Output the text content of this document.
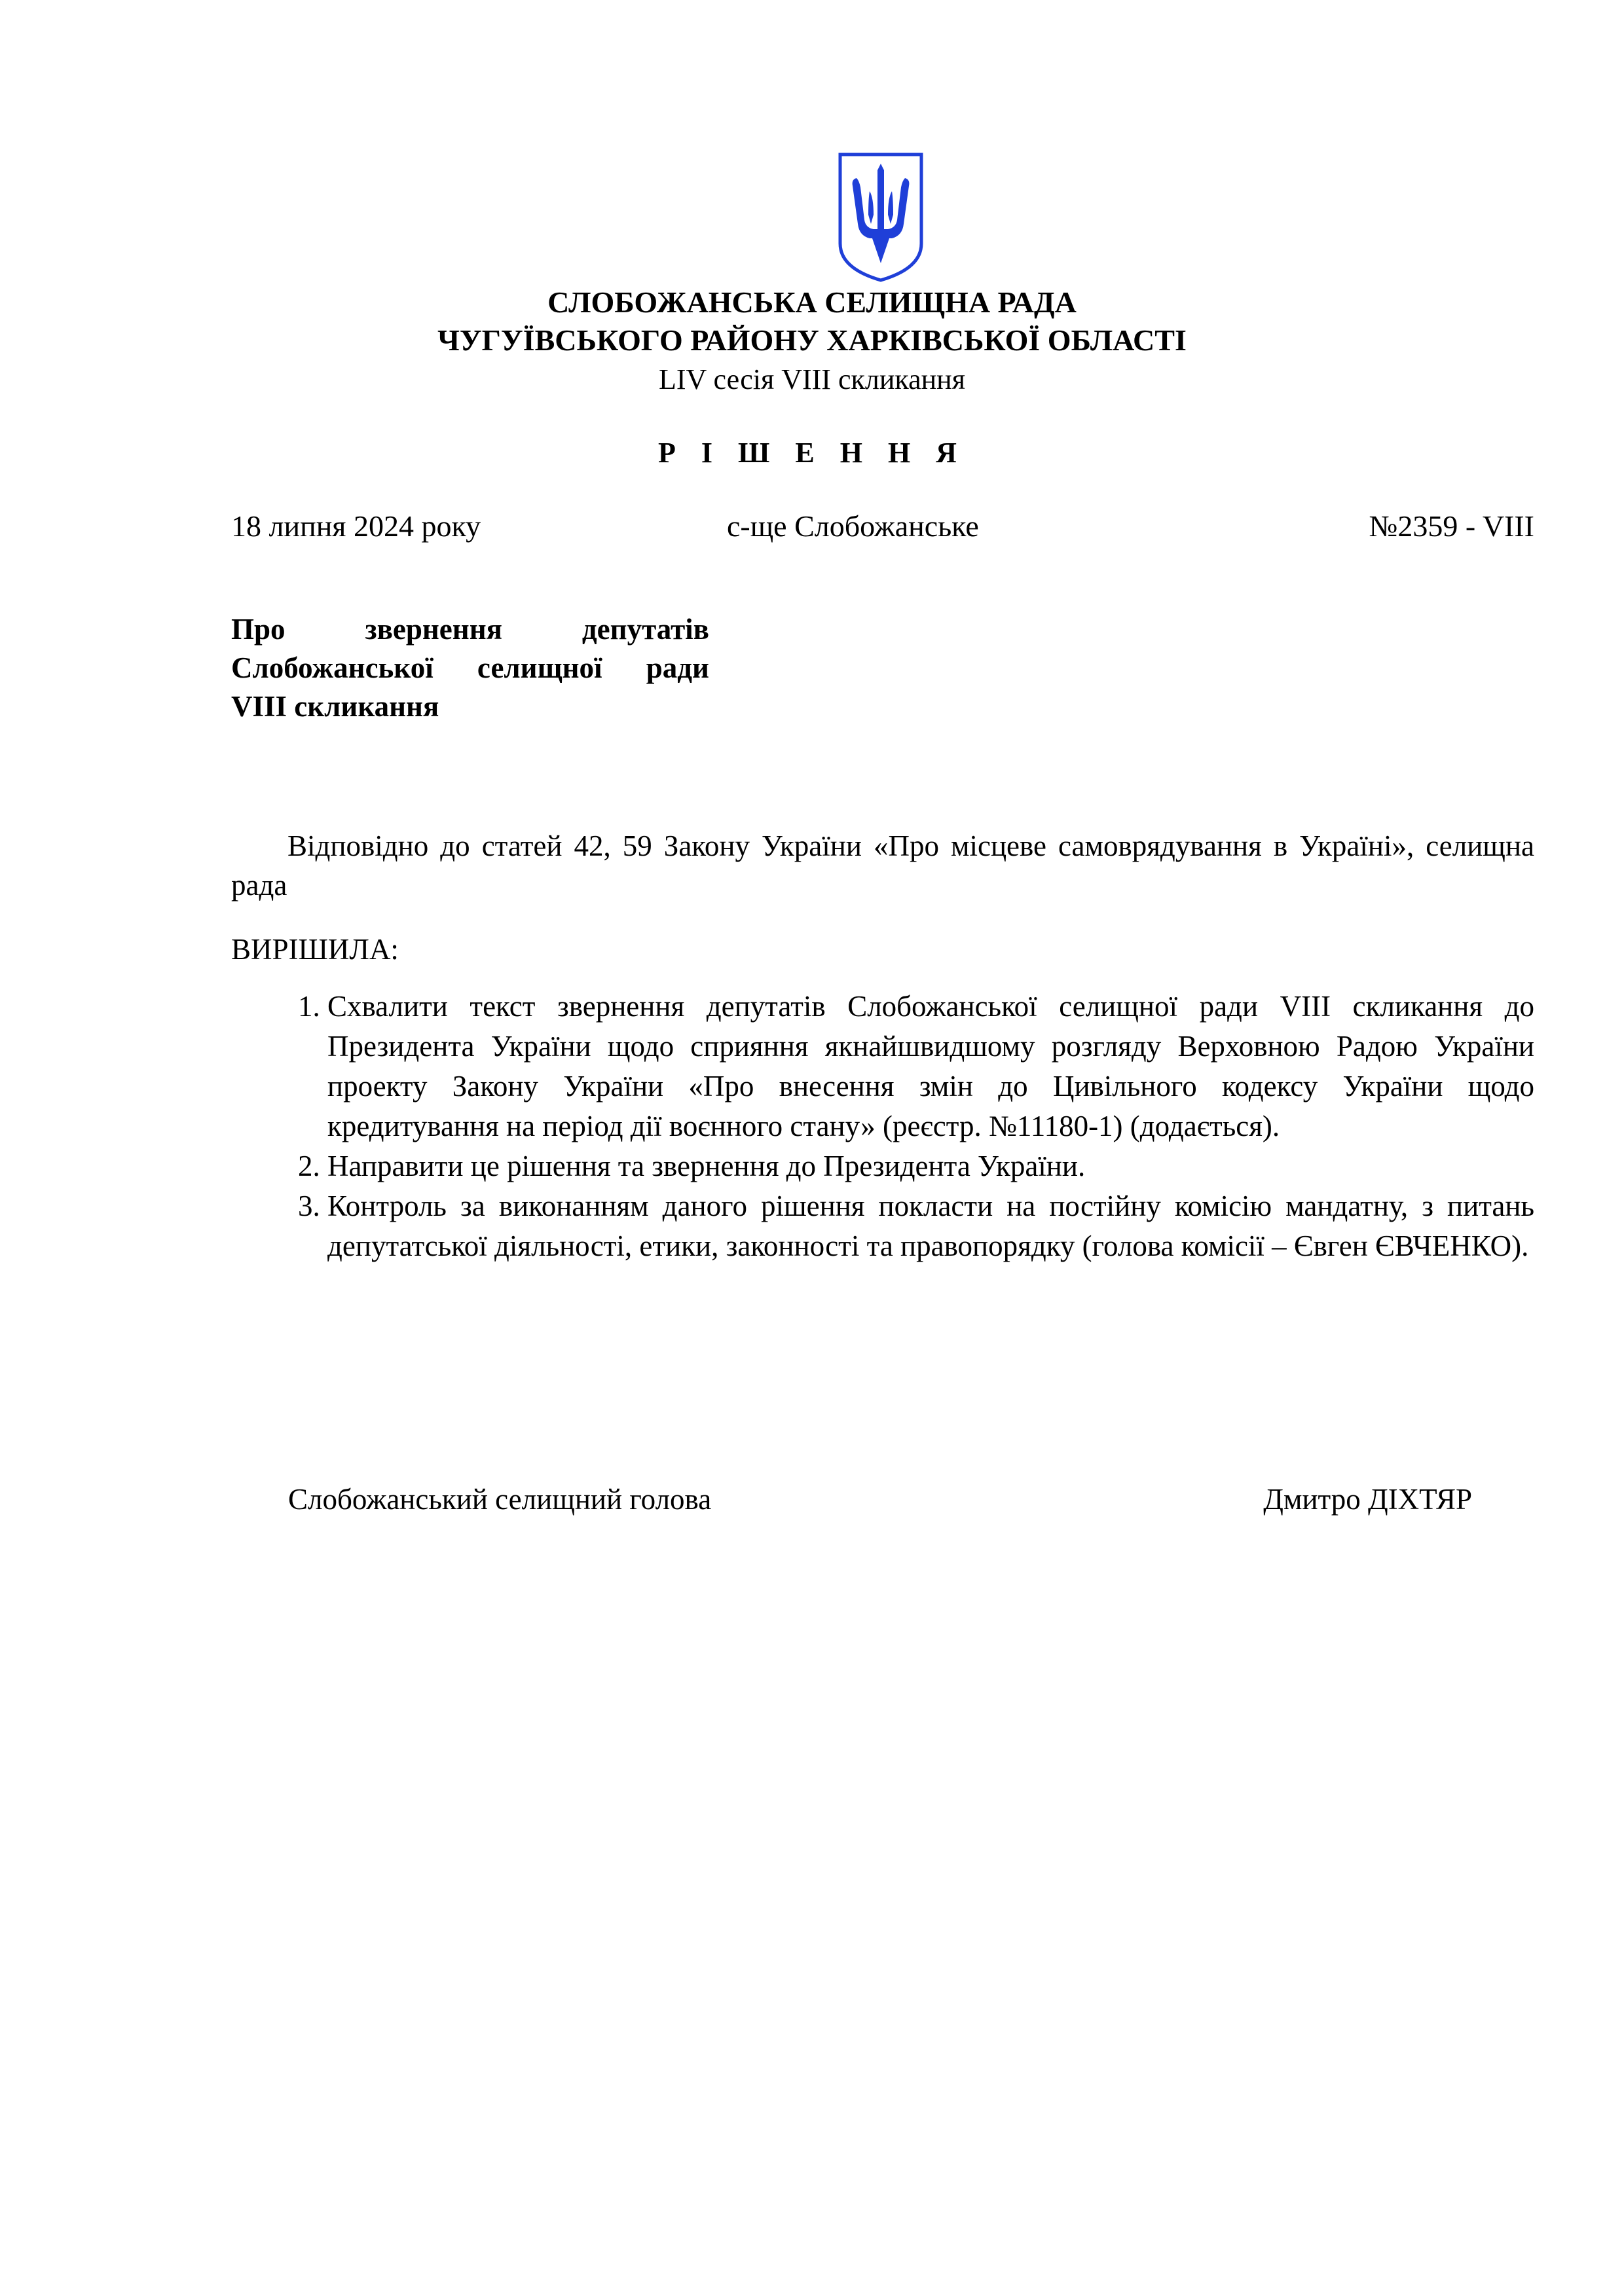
СЛОБОЖАНСЬКА СЕЛИЩНА РАДА
ЧУГУЇВСЬКОГО РАЙОНУ ХАРКІВСЬКОЇ ОБЛАСТІ
LIV сесія VIII скликання
Р І Ш Е Н Н Я
18 липня 2024 року	с-ще Слобожанське	№2359 - VIII
Про звернення депутатів
Слобожанської селищної ради
VIII скликання
Відповідно до статей 42, 59 Закону України «Про місцеве самоврядування в Україні», селищна рада
ВИРІШИЛА:
1. Схвалити текст звернення депутатів Слобожанської селищної ради VIII скликання до Президента України щодо сприяння якнайшвидшому розгляду Верховною Радою України проекту Закону України «Про внесення змін до Цивільного кодексу України щодо кредитування на період дії воєнного стану» (реєстр. №11180-1) (додається).
2. Направити це рішення та звернення до Президента України.
3. Контроль за виконанням даного рішення покласти на постійну комісію мандатну, з питань депутатської діяльності, етики, законності та правопорядку (голова комісії – Євген ЄВЧЕНКО).
Слобожанський селищний голова	Дмитро ДІХТЯР
